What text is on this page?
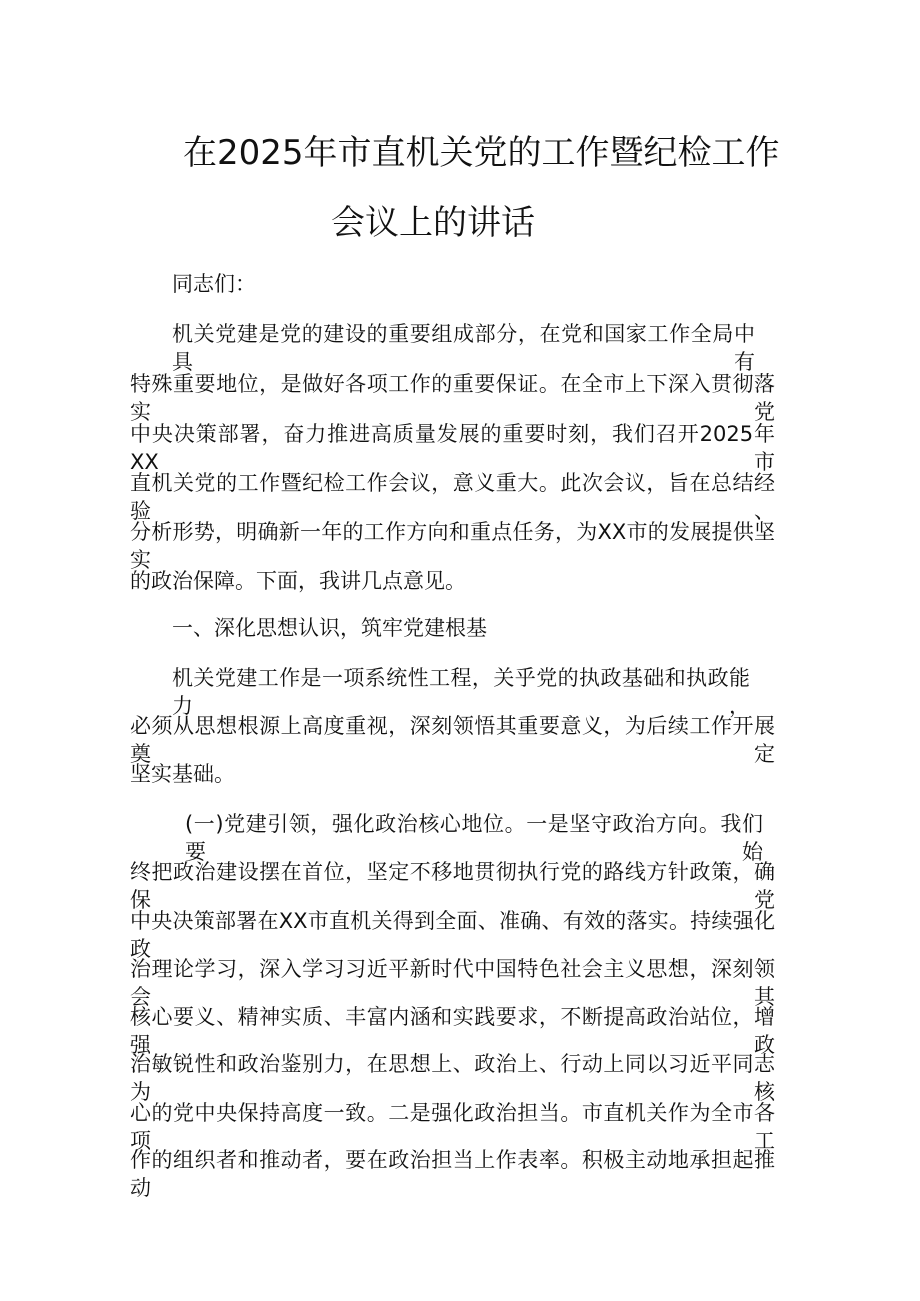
在2025年市直机关党的工作暨纪检工作
会议上的讲话
同志们：
机关党建是党的建设的重要组成部分，在党和国家工作全局中具有
特殊重要地位，是做好各项工作的重要保证。在全市上下深入贯彻落实党
中央决策部署，奋力推进高质量发展的重要时刻，我们召开2025年XX市
直机关党的工作暨纪检工作会议，意义重大。此次会议，旨在总结经验、
分析形势，明确新一年的工作方向和重点任务，为XX市的发展提供坚实
的政治保障。下面，我讲几点意见。
一、深化思想认识，筑牢党建根基
机关党建工作是一项系统性工程，关乎党的执政基础和执政能力，
必须从思想根源上高度重视，深刻领悟其重要意义，为后续工作开展奠定
坚实基础。
(一)党建引领，强化政治核心地位。一是坚守政治方向。我们要始
终把政治建设摆在首位，坚定不移地贯彻执行党的路线方针政策，确保党
中央决策部署在XX市直机关得到全面、准确、有效的落实。持续强化政
治理论学习，深入学习习近平新时代中国特色社会主义思想，深刻领会其
核心要义、精神实质、丰富内涵和实践要求，不断提高政治站位，增强政
治敏锐性和政治鉴别力，在思想上、政治上、行动上同以习近平同志为核
心的党中央保持高度一致。二是强化政治担当。市直机关作为全市各项工
作的组织者和推动者，要在政治担当上作表率。积极主动地承担起推动
